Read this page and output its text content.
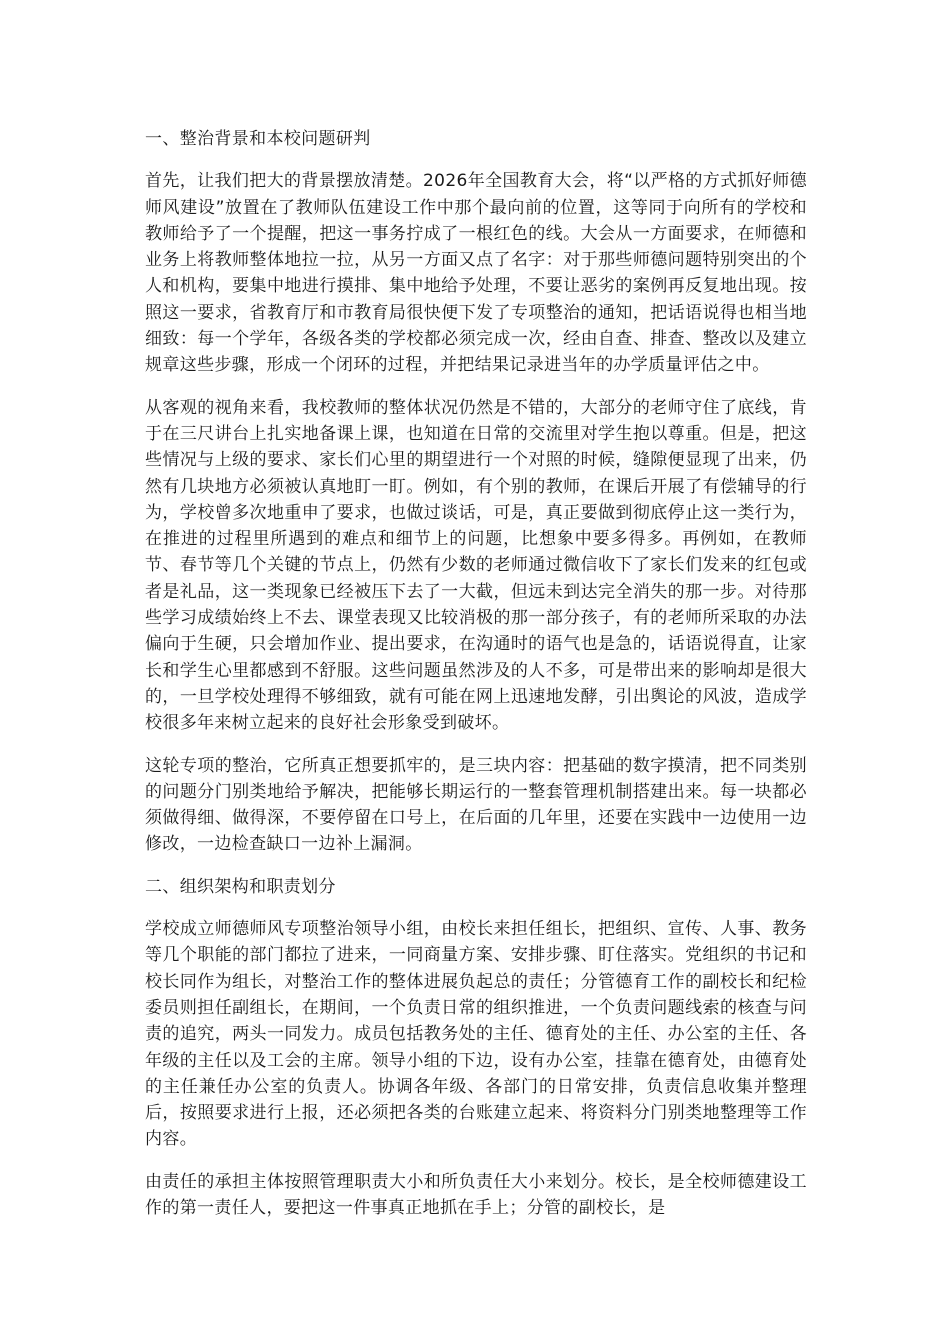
一、整治背景和本校问题研判

首先，让我们把大的背景摆放清楚。2026年全国教育大会，将“以严格的方式抓好师德师风建设”放置在了教师队伍建设工作中那个最向前的位置，这等同于向所有的学校和教师给予了一个提醒，把这一事务拧成了一根红色的线。大会从一方面要求，在师德和业务上将教师整体地拉一拉，从另一方面又点了名字：对于那些师德问题特别突出的个人和机构，要集中地进行摸排、集中地给予处理，不要让恶劣的案例再反复地出现。按照这一要求，省教育厅和市教育局很快便下发了专项整治的通知，把话语说得也相当地细致：每一个学年，各级各类的学校都必须完成一次，经由自查、排查、整改以及建立规章这些步骤，形成一个闭环的过程，并把结果记录进当年的办学质量评估之中。

从客观的视角来看，我校教师的整体状况仍然是不错的，大部分的老师守住了底线，肯于在三尺讲台上扎实地备课上课，也知道在日常的交流里对学生抱以尊重。但是，把这些情况与上级的要求、家长们心里的期望进行一个对照的时候，缝隙便显现了出来，仍然有几块地方必须被认真地盯一盯。例如，有个别的教师，在课后开展了有偿辅导的行为，学校曾多次地重申了要求，也做过谈话，可是，真正要做到彻底停止这一类行为，在推进的过程里所遇到的难点和细节上的问题，比想象中要多得多。再例如，在教师节、春节等几个关键的节点上，仍然有少数的老师通过微信收下了家长们发来的红包或者是礼品，这一类现象已经被压下去了一大截，但远未到达完全消失的那一步。对待那些学习成绩始终上不去、课堂表现又比较消极的那一部分孩子，有的老师所采取的办法偏向于生硬，只会增加作业、提出要求，在沟通时的语气也是急的，话语说得直，让家长和学生心里都感到不舒服。这些问题虽然涉及的人不多，可是带出来的影响却是很大的，一旦学校处理得不够细致，就有可能在网上迅速地发酵，引出舆论的风波，造成学校很多年来树立起来的良好社会形象受到破坏。

这轮专项的整治，它所真正想要抓牢的，是三块内容：把基础的数字摸清，把不同类别的问题分门别类地给予解决，把能够长期运行的一整套管理机制搭建出来。每一块都必须做得细、做得深，不要停留在口号上，在后面的几年里，还要在实践中一边使用一边修改，一边检查缺口一边补上漏洞。

二、组织架构和职责划分

学校成立师德师风专项整治领导小组，由校长来担任组长，把组织、宣传、人事、教务等几个职能的部门都拉了进来，一同商量方案、安排步骤、盯住落实。党组织的书记和校长同作为组长，对整治工作的整体进展负起总的责任；分管德育工作的副校长和纪检委员则担任副组长，在期间，一个负责日常的组织推进，一个负责问题线索的核查与问责的追究，两头一同发力。成员包括教务处的主任、德育处的主任、办公室的主任、各年级的主任以及工会的主席。领导小组的下边，设有办公室，挂靠在德育处，由德育处的主任兼任办公室的负责人。协调各年级、各部门的日常安排，负责信息收集并整理后，按照要求进行上报，还必须把各类的台账建立起来、将资料分门别类地整理等工作内容。

由责任的承担主体按照管理职责大小和所负责任大小来划分。校长，是全校师德建设工作的第一责任人，要把这一件事真正地抓在手上；分管的副校长，是
